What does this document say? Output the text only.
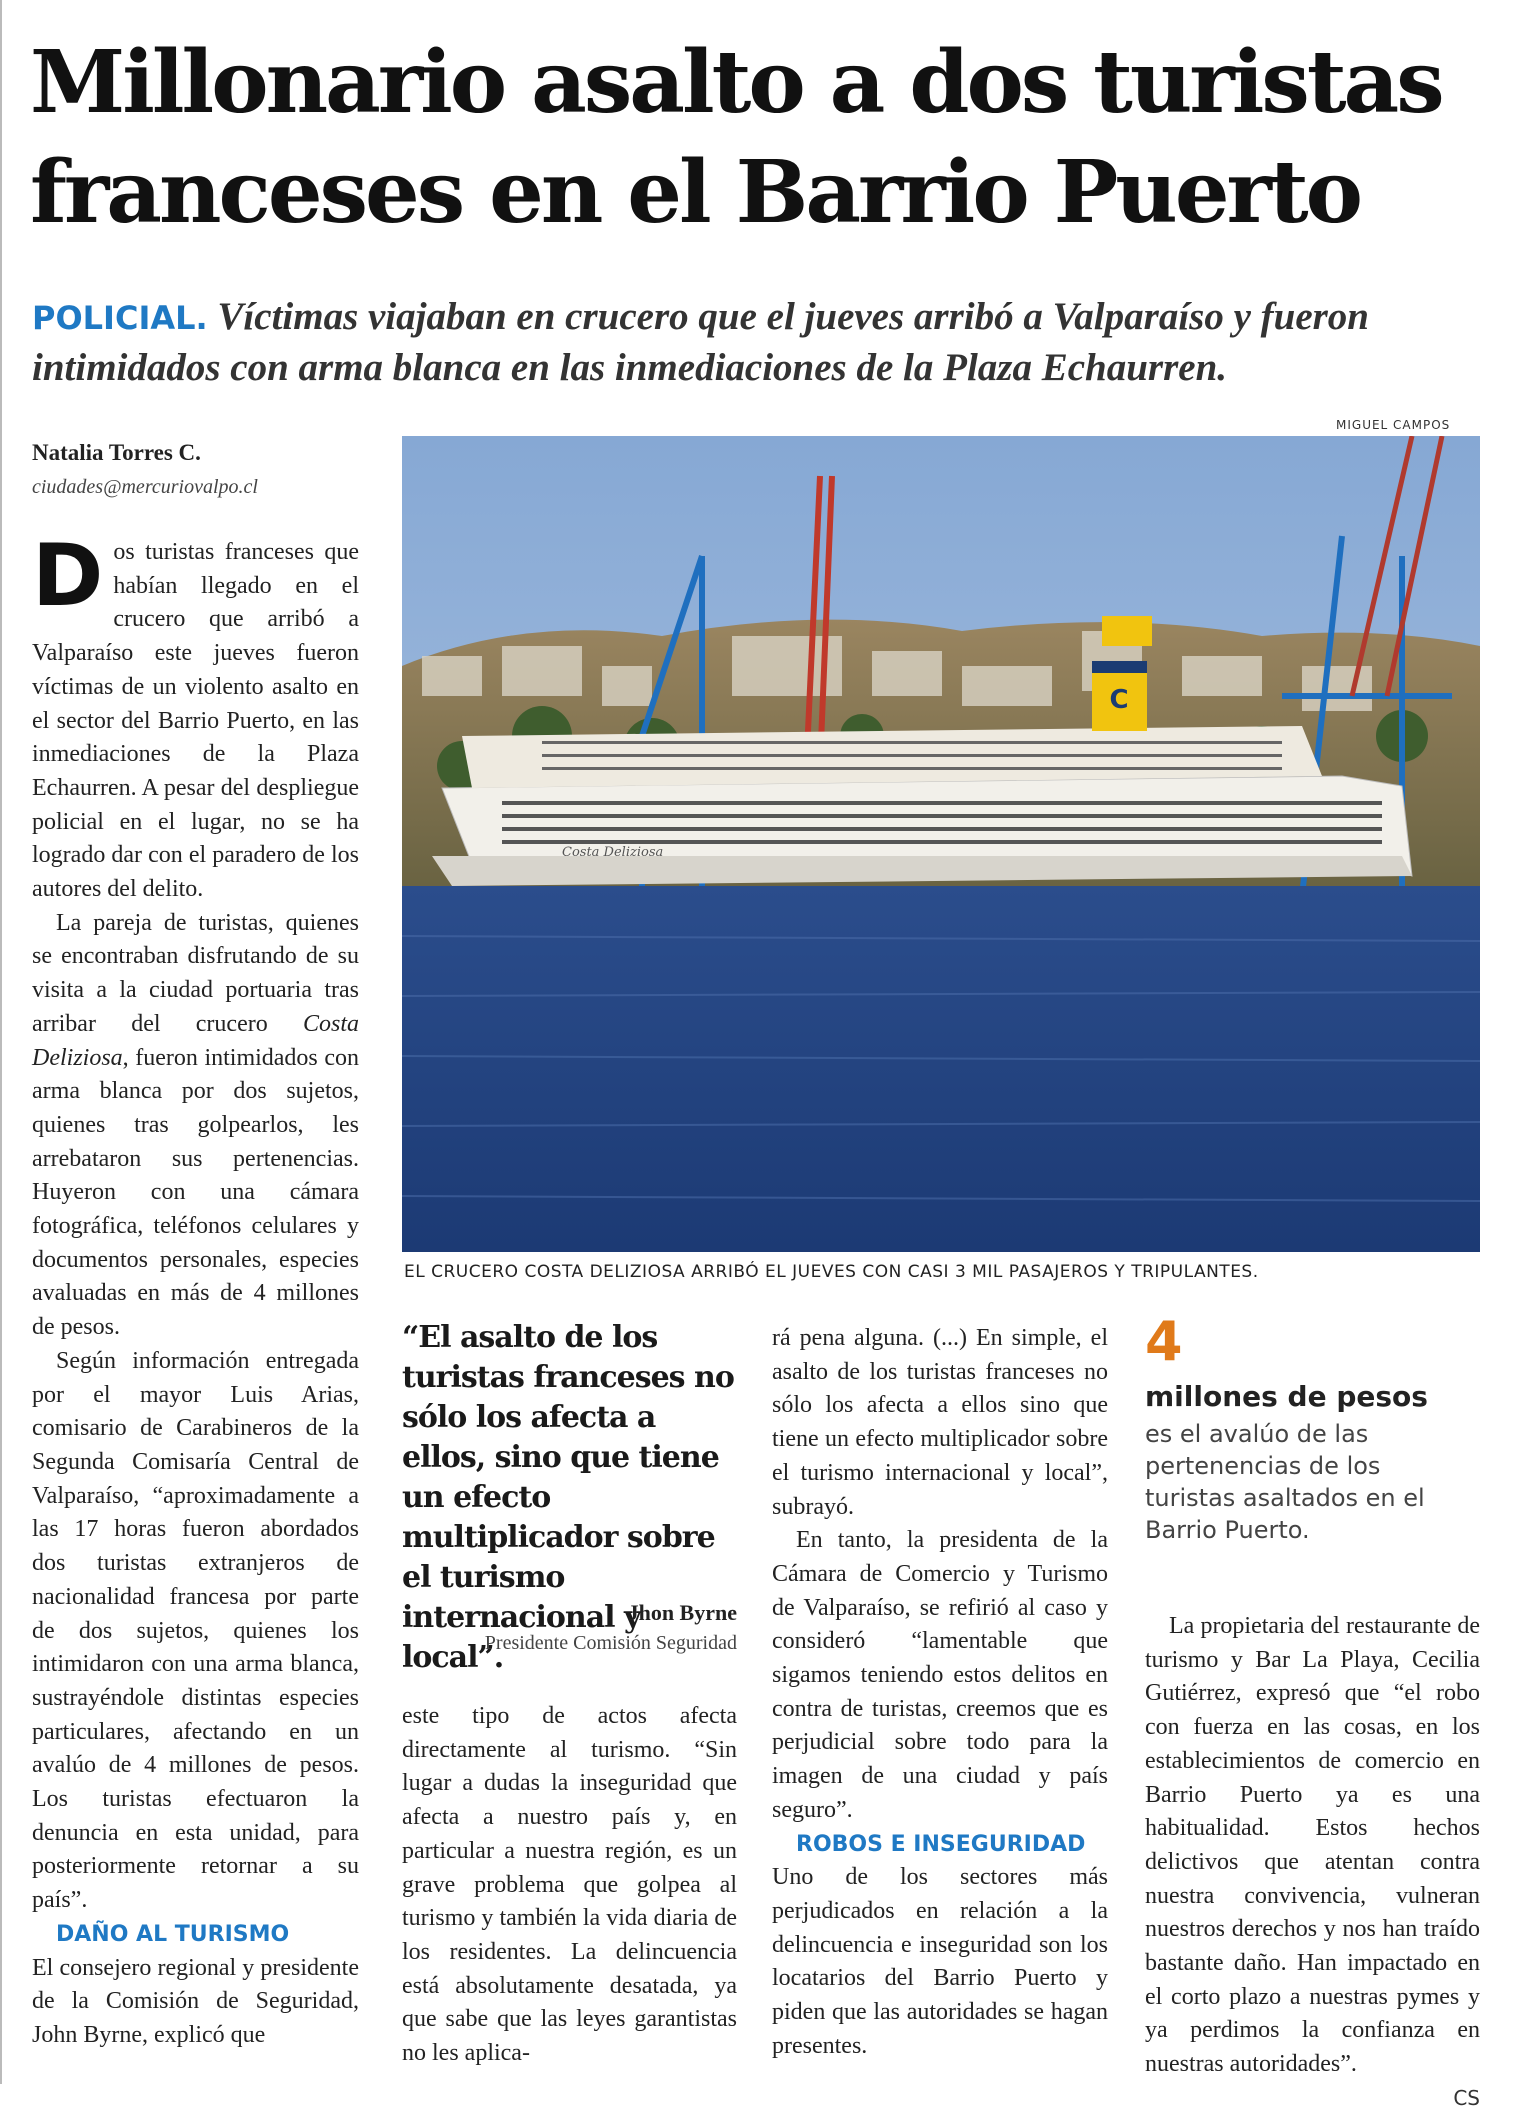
Millonario asalto a dos turistas
franceses en el Barrio Puerto
POLICIAL. Víctimas viajaban en crucero que el jueves arribó a Valparaíso y fueron intimidados con arma blanca en las inmediaciones de la Plaza Echaurren.
Natalia Torres C.
ciudades@mercuriovalpo.cl

Dos turistas franceses que habían llegado en el crucero que arribó a Valparaíso este jueves fueron víctimas de un violento asalto en el sector del Barrio Puerto, en las inmediaciones de la Plaza Echaurren. A pesar del despliegue policial en el lugar, no se ha logrado dar con el paradero de los autores del delito.

La pareja de turistas, quienes se encontraban disfrutando de su visita a la ciudad portuaria tras arribar del crucero Costa Deliziosa, fueron intimidados con arma blanca por dos sujetos, quienes tras golpearlos, les arrebataron sus pertenencias. Huyeron con una cámara fotográfica, teléfonos celulares y documentos personales, especies avaluadas en más de 4 millones de pesos.

Según información entregada por el mayor Luis Arias, comisario de Carabineros de la Segunda Comisaría Central de Valparaíso, “aproximadamente a las 17 horas fueron abordados dos turistas extranjeros de nacionalidad francesa por parte de dos sujetos, quienes los intimidaron con una arma blanca, sustrayéndole distintas especies particulares, afectando en un avalúo de 4 millones de pesos. Los turistas efectuaron la denuncia en esta unidad, para posteriormente retornar a su país”.

DAÑO AL TURISMO

El consejero regional y presidente de la Comisión de Seguridad, John Byrne, explicó que

MIGUEL CAMPOS
C
Costa Deliziosa
EL CRUCERO COSTA DELIZIOSA ARRIBÓ EL JUEVES CON CASI 3 MIL PASAJEROS Y TRIPULANTES.
“El asalto de los turistas franceses no sólo los afecta a ellos, sino que tiene un efecto multiplicador sobre el turismo internacional y local”.
Jhon Byrne
Presidente Comisión Seguridad

este tipo de actos afecta directamente al turismo. “Sin lugar a dudas la inseguridad que afecta a nuestro país y, en particular a nuestra región, es un grave problema que golpea al turismo y también la vida diaria de los residentes. La delincuencia está absolutamente desatada, ya que sabe que las leyes garantistas no les aplica-

rá pena alguna. (...) En simple, el asalto de los turistas franceses no sólo los afecta a ellos sino que tiene un efecto multiplicador sobre el turismo internacional y local”, subrayó.

En tanto, la presidenta de la Cámara de Comercio y Turismo de Valparaíso, se refirió al caso y consideró “lamentable que sigamos teniendo estos delitos en contra de turistas, creemos que es perjudicial sobre todo para la imagen de una ciudad y país seguro”.

ROBOS E INSEGURIDAD

Uno de los sectores más perjudicados en relación a la delincuencia e inseguridad son los locatarios del Barrio Puerto y piden que las autoridades se hagan presentes.

4
millones de pesos
es el avalúo de las pertenencias de los turistas asaltados en el Barrio Puerto.

La propietaria del restaurante de turismo y Bar La Playa, Cecilia Gutiérrez, expresó que “el robo con fuerza en las cosas, en los establecimientos de comercio en Barrio Puerto ya es una habitualidad. Estos hechos delictivos que atentan contra nuestra convivencia, vulneran nuestros derechos y nos han traído bastante daño. Han impactado en el corto plazo a nuestras pymes y ya perdimos la confianza en nuestras autoridades”.

CS
